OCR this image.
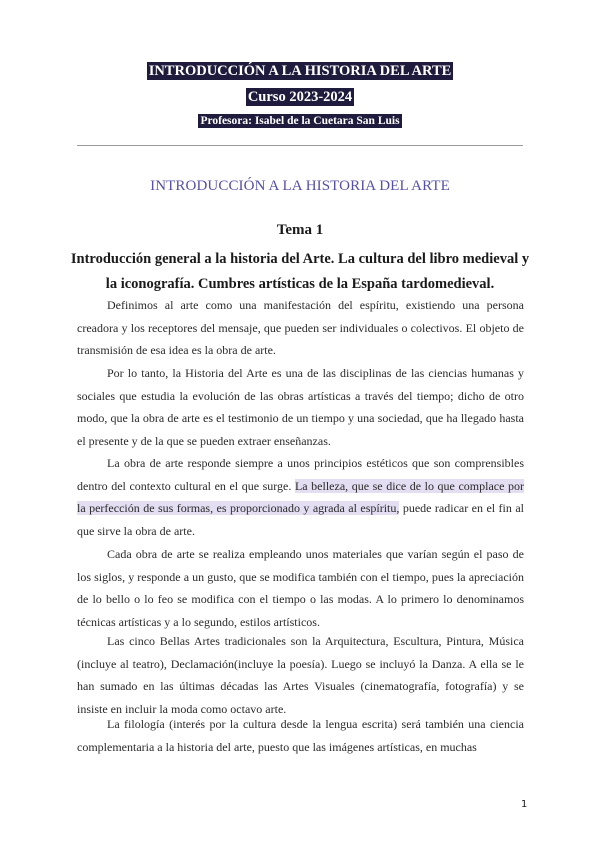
INTRODUCCIÓN A LA HISTORIA DEL ARTE
Curso 2023-2024
Profesora: Isabel de la Cuetara San Luis
INTRODUCCIÓN A LA HISTORIA DEL ARTE
Tema 1
Introducción general a la historia del Arte. La cultura del libro medieval y la iconografía. Cumbres artísticas de la España tardomedieval.

Definimos al arte como una manifestación del espíritu, existiendo una persona creadora y los receptores del mensaje, que pueden ser individuales o colectivos. El objeto de transmisión de esa idea es la obra de arte.

Por lo tanto, la Historia del Arte es una de las disciplinas de las ciencias humanas y sociales que estudia la evolución de las obras artísticas a través del tiempo; dicho de otro modo, que la obra de arte es el testimonio de un tiempo y una sociedad, que ha llegado hasta el presente y de la que se pueden extraer enseñanzas.

La obra de arte responde siempre a unos principios estéticos que son comprensibles dentro del contexto cultural en el que surge. La belleza, que se dice de lo que complace por la perfección de sus formas, es proporcionado y agrada al espíritu, puede radicar en el fin al que sirve la obra de arte.

Cada obra de arte se realiza empleando unos materiales que varían según el paso de los siglos, y responde a un gusto, que se modifica también con el tiempo, pues la apreciación de lo bello o lo feo se modifica con el tiempo o las modas. A lo primero lo denominamos técnicas artísticas y a lo segundo, estilos artísticos.

Las cinco Bellas Artes tradicionales son la Arquitectura, Escultura, Pintura, Música (incluye al teatro), Declamación(incluye la poesía). Luego se incluyó la Danza. A ella se le han sumado en las últimas décadas las Artes Visuales (cinematografía, fotografía) y se insiste en incluir la moda como octavo arte.

La filología (interés por la cultura desde la lengua escrita) será también una ciencia complementaria a la historia del arte, puesto que las imágenes artísticas, en muchas

1
